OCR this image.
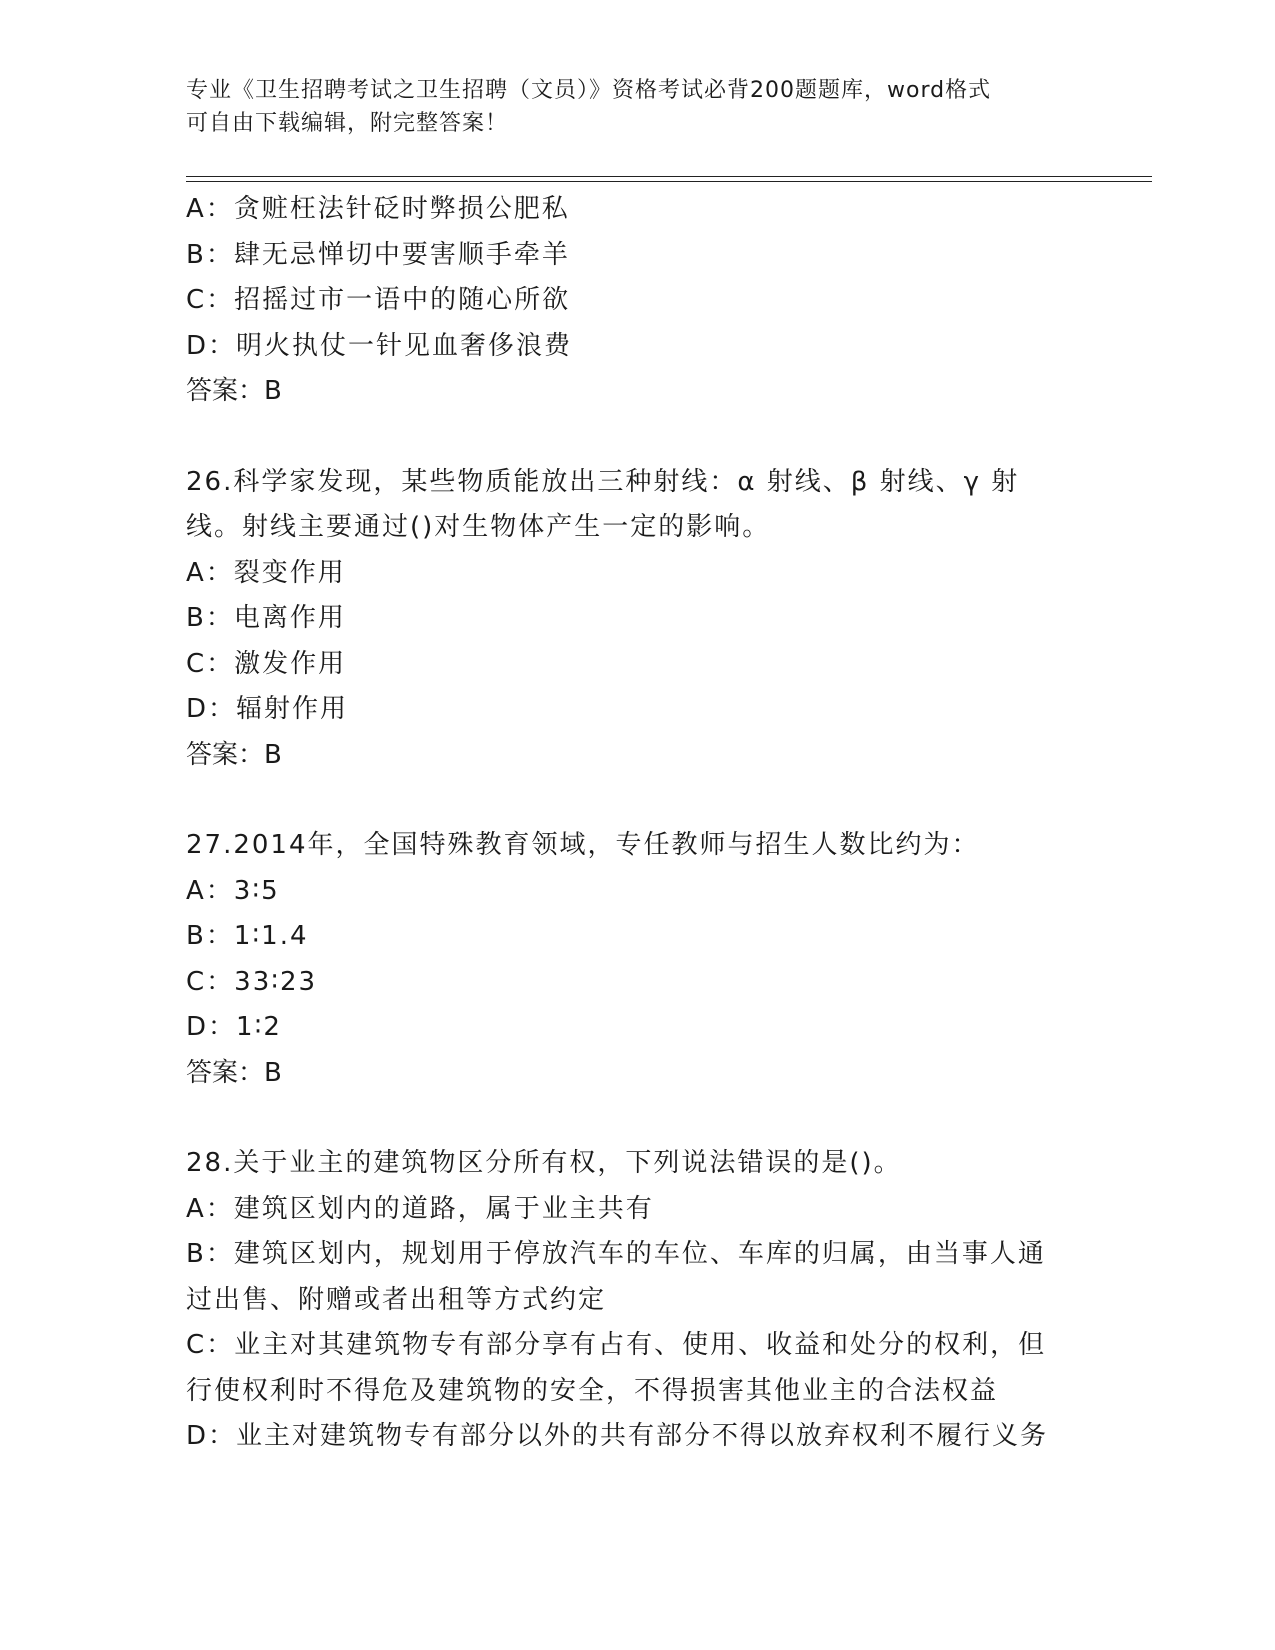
专业《卫生招聘考试之卫生招聘（文员）》资格考试必背200题题库，word格式
可自由下载编辑，附完整答案！
A：贪赃枉法针砭时弊损公肥私
B：肆无忌惮切中要害顺手牵羊
C：招摇过市一语中的随心所欲
D：明火执仗一针见血奢侈浪费
答案：B
26.科学家发现，某些物质能放出三种射线：α 射线、β 射线、γ 射
线。射线主要通过()对生物体产生一定的影响。
A：裂变作用
B：电离作用
C：激发作用
D：辐射作用
答案：B
27.2014年，全国特殊教育领域，专任教师与招生人数比约为：
A：3∶5
B：1∶1.4
C：33∶23
D：1∶2
答案：B
28.关于业主的建筑物区分所有权，下列说法错误的是()。
A：建筑区划内的道路，属于业主共有
B：建筑区划内，规划用于停放汽车的车位、车库的归属，由当事人通
过出售、附赠或者出租等方式约定
C：业主对其建筑物专有部分享有占有、使用、收益和处分的权利，但
行使权利时不得危及建筑物的安全，不得损害其他业主的合法权益
D：业主对建筑物专有部分以外的共有部分不得以放弃权利不履行义务
